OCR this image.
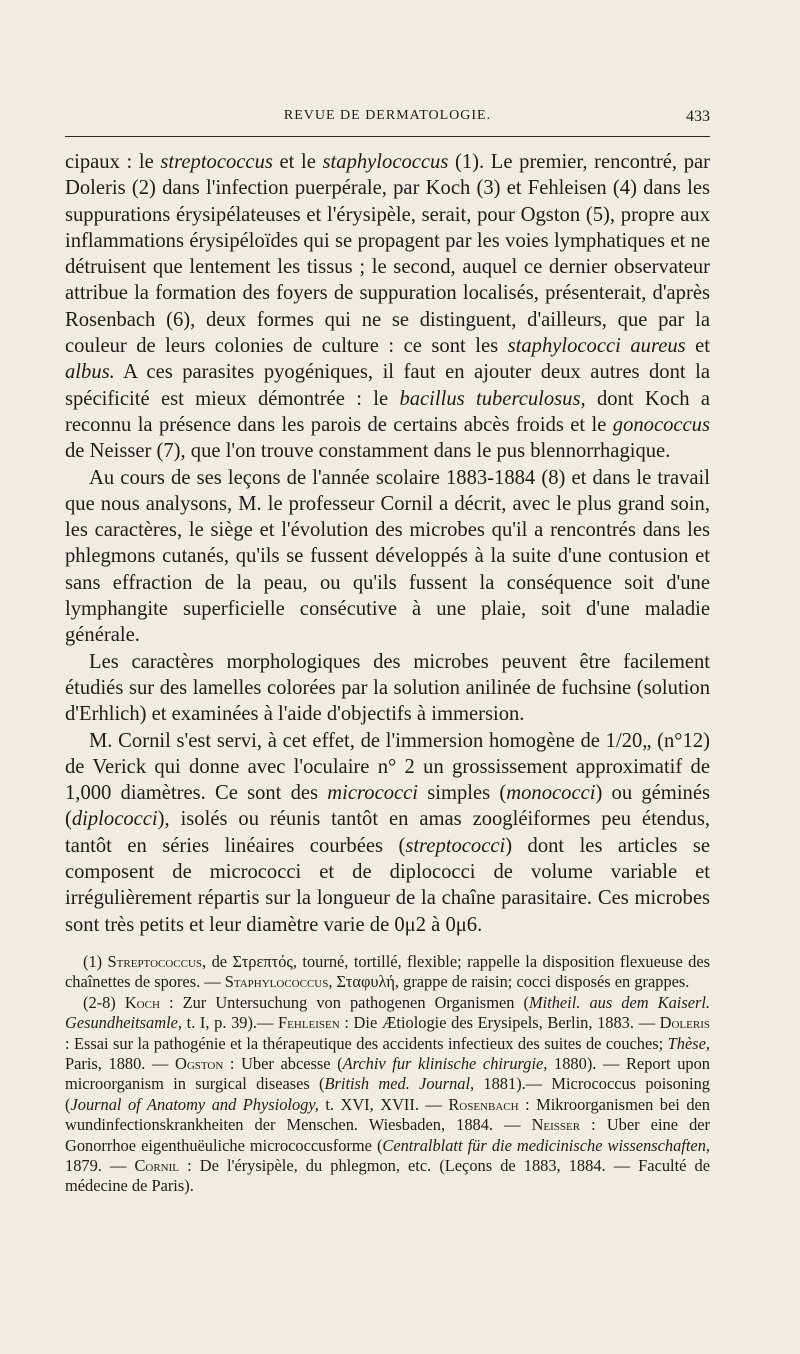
REVUE DE DERMATOLOGIE.	433

cipaux : le streptococcus et le staphylococcus (1). Le premier, rencontré, par Doleris (2) dans l'infection puerpérale, par Koch (3) et Fehleisen (4) dans les suppurations érysipélateuses et l'érysipèle, serait, pour Ogston (5), propre aux inflammations érysipéloïdes qui se propagent par les voies lymphatiques et ne détruisent que lentement les tissus ; le second, auquel ce dernier observateur attribue la formation des foyers de suppuration localisés, présenterait, d'après Rosenbach (6), deux formes qui ne se distinguent, d'ailleurs, que par la couleur de leurs colonies de culture : ce sont les staphylococci aureus et albus. A ces parasites pyogéniques, il faut en ajouter deux autres dont la spécificité est mieux démontrée : le bacillus tuberculosus, dont Koch a reconnu la présence dans les parois de certains abcès froids et le gonococcus de Neisser (7), que l'on trouve constamment dans le pus blennorrhagique.

Au cours de ses leçons de l'année scolaire 1883-1884 (8) et dans le travail que nous analysons, M. le professeur Cornil a décrit, avec le plus grand soin, les caractères, le siège et l'évolution des microbes qu'il a rencontrés dans les phlegmons cutanés, qu'ils se fussent développés à la suite d'une contusion et sans effraction de la peau, ou qu'ils fussent la conséquence soit d'une lymphangite superficielle consécutive à une plaie, soit d'une maladie générale.

Les caractères morphologiques des microbes peuvent être facilement étudiés sur des lamelles colorées par la solution anilinée de fuchsine (solution d'Erhlich) et examinées à l'aide d'objectifs à immersion.

M. Cornil s'est servi, à cet effet, de l'immersion homogène de 1/20„ (n°12) de Verick qui donne avec l'oculaire n° 2 un grossissement approximatif de 1,000 diamètres. Ce sont des micrococci simples (monococci) ou géminés (diplococci), isolés ou réunis tantôt en amas zoogléiformes peu étendus, tantôt en séries linéaires courbées (streptococci) dont les articles se composent de micrococci et de diplococci de volume variable et irrégulièrement répartis sur la longueur de la chaîne parasitaire. Ces microbes sont très petits et leur diamètre varie de 0μ2 à 0μ6.

(1) Streptococcus, de Στρεπτός, tourné, tortillé, flexible; rappelle la disposition flexueuse des chaînettes de spores. — Staphylococcus, Σταφυλή, grappe de raisin; cocci disposés en grappes.

(2-8) Koch : Zur Untersuchung von pathogenen Organismen (Mitheil. aus dem Kaiserl. Gesundheitsamle, t. I, p. 39).— Fehleisen : Die Ætiologie des Erysipels, Berlin, 1883. — Doleris : Essai sur la pathogénie et la thérapeutique des accidents infectieux des suites de couches; Thèse, Paris, 1880. — Ogston : Uber abcesse (Archiv fur klinische chirurgie, 1880). — Report upon microorganism in surgical diseases (British med. Journal, 1881).— Micrococcus poisoning (Journal of Anatomy and Physiology, t. XVI, XVII. — Rosenbach : Mikroorganismen bei den wundinfectionskrankheiten der Menschen. Wiesbaden, 1884. — Neisser : Uber eine der Gonorrhoe eigenthuëuliche micrococcusforme (Centralblatt für die medicinische wissenschaften, 1879. — Cornil : De l'érysipèle, du phlegmon, etc. (Leçons de 1883, 1884. — Faculté de médecine de Paris).
